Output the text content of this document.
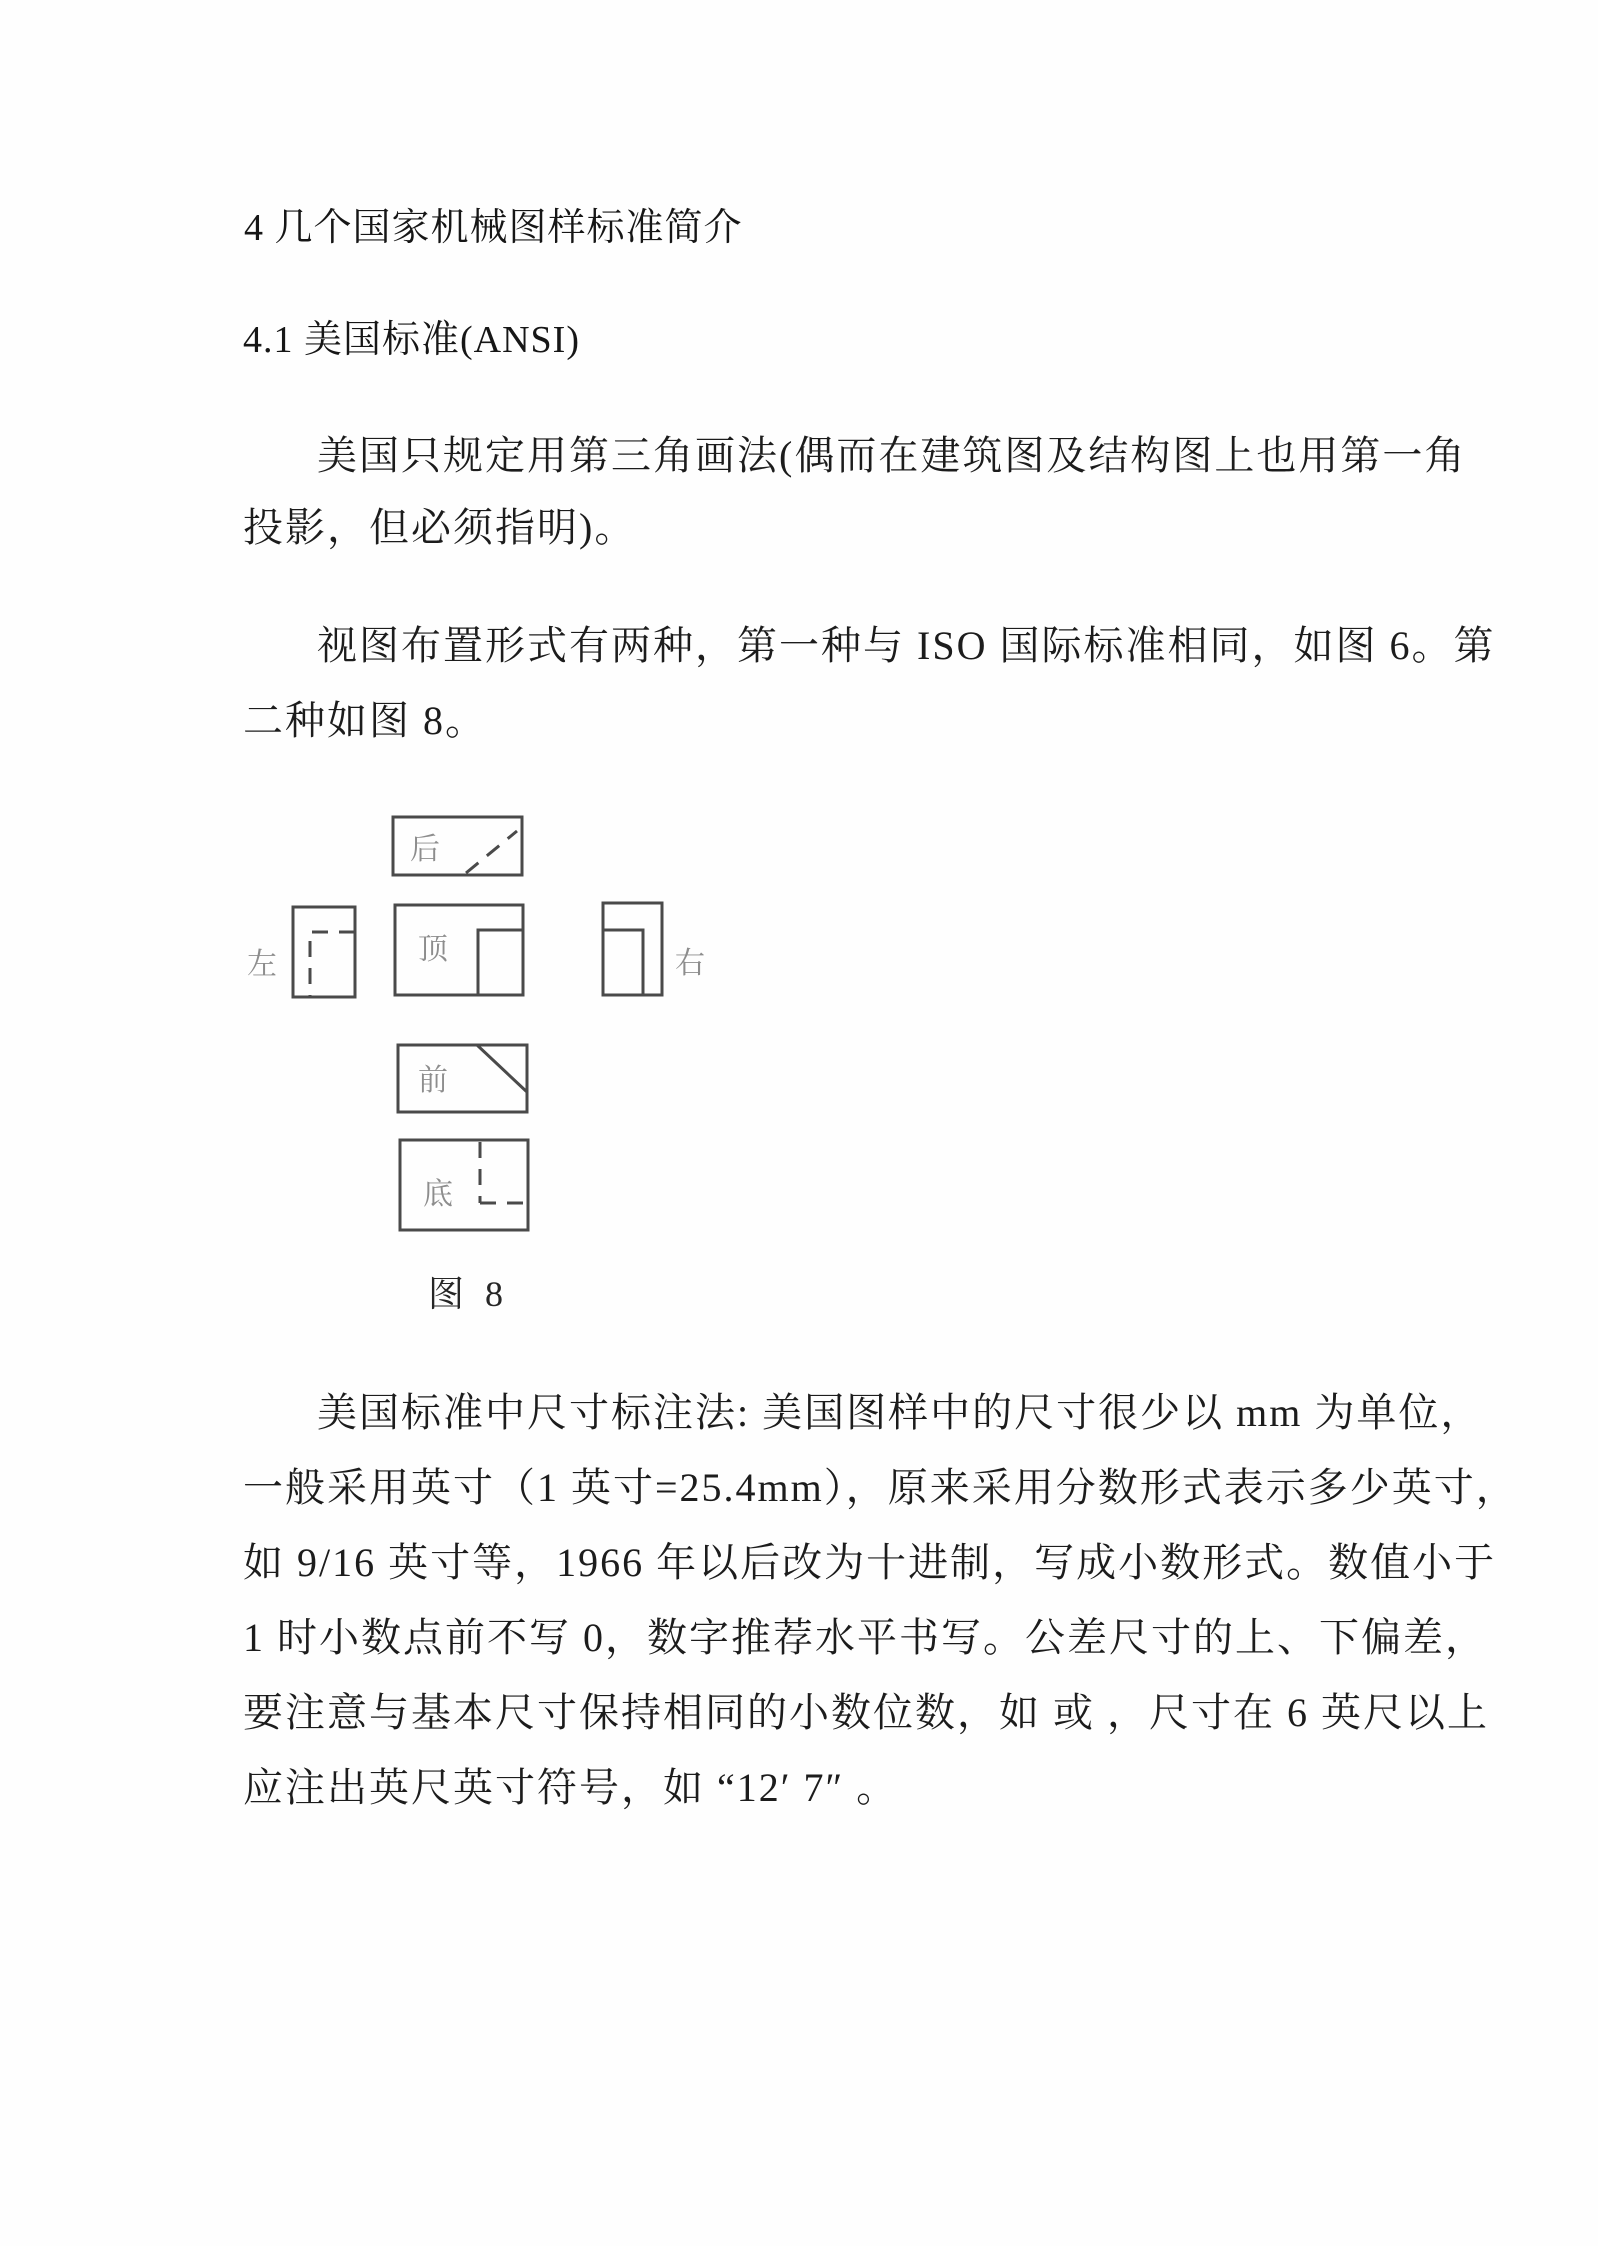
4 几个国家机械图样标准简介
4.1 美国标准(ANSI)
美国只规定用第三角画法(偶而在建筑图及结构图上也用第一角
投影，但必须指明)。
视图布置形式有两种，第一种与 ISO 国际标准相同，如图 6。第
二种如图 8。
后
左	顶	右
前
底
图 8
美国标准中尺寸标注法: 美国图样中的尺寸很少以 mm 为单位，
一般采用英寸（1 英寸=25.4mm），原来采用分数形式表示多少英寸，
如 9/16 英寸等，1966 年以后改为十进制，写成小数形式。数值小于
1 时小数点前不写 0，数字推荐水平书写。公差尺寸的上、下偏差，
要注意与基本尺寸保持相同的小数位数，如 或 ，尺寸在 6 英尺以上
应注出英尺英寸符号，如 “12′ 7″ 。
